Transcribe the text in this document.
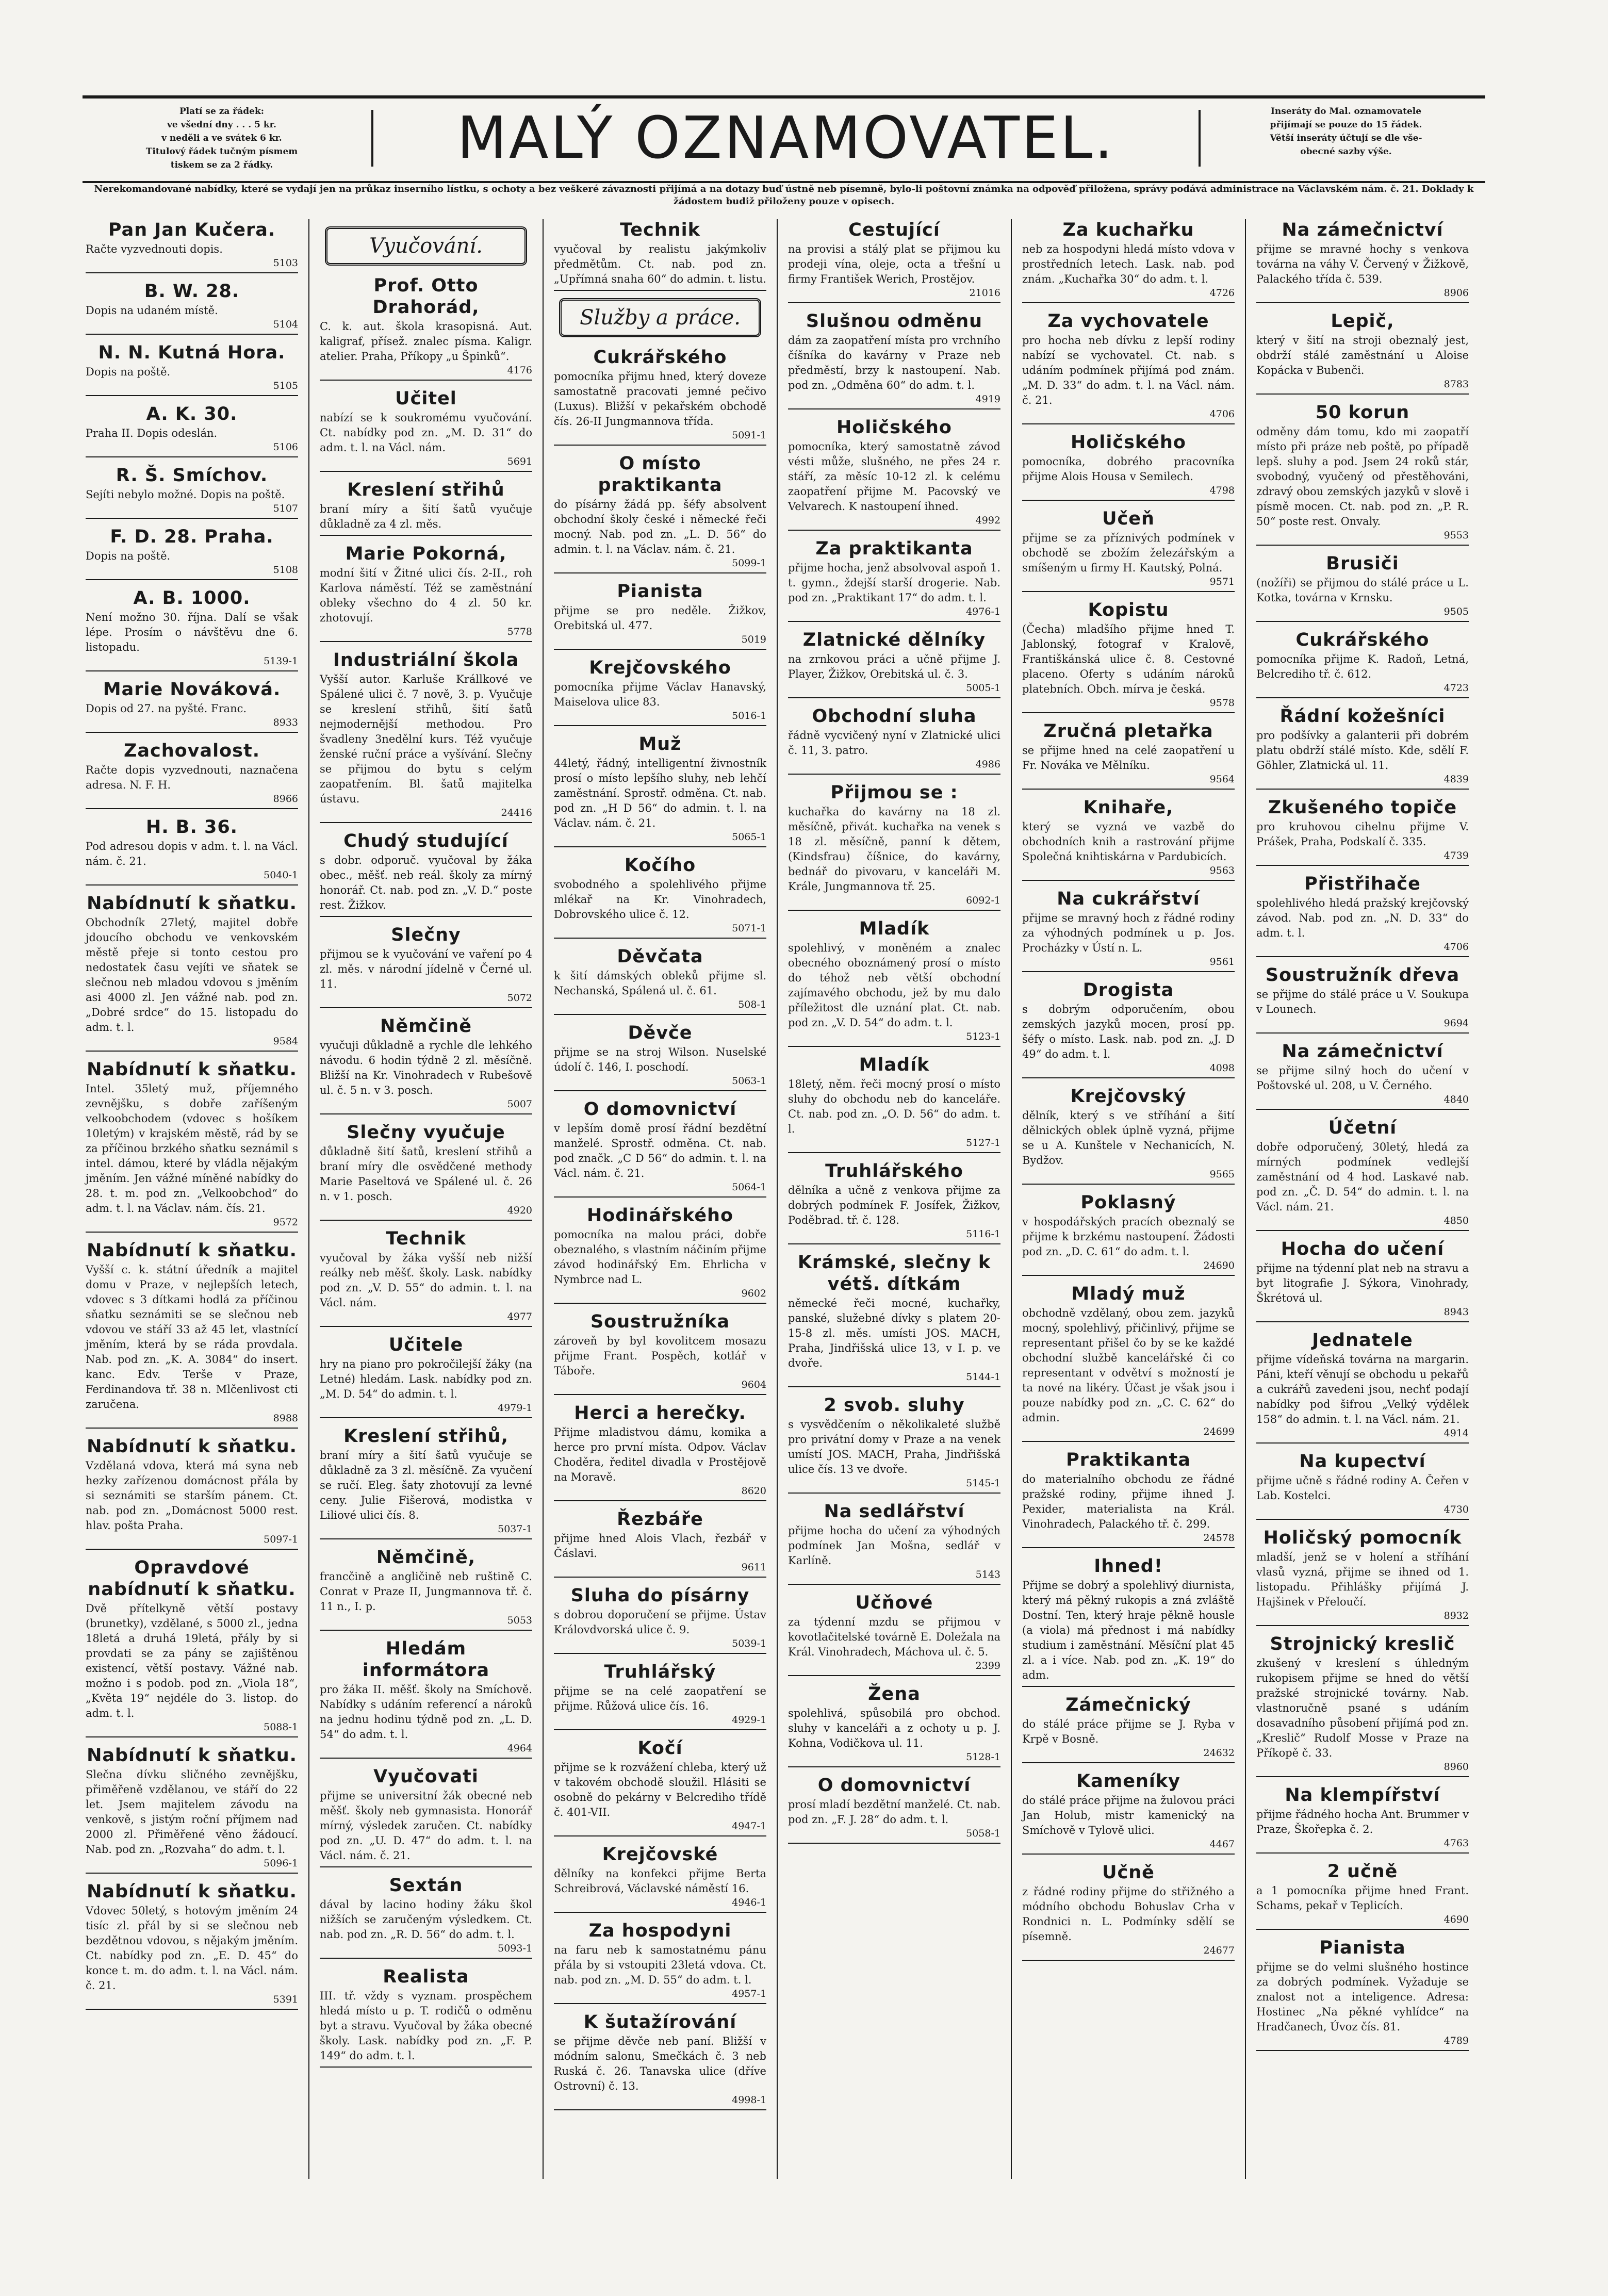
Platí se za řádek:
ve všední dny . . . 5 kr.
v neděli a ve svátek 6 kr.
Titulový řádek tučným písmem
tiskem se za 2 řádky.	MALÝ OZNAMOVATEL.	Inseráty do Mal. oznamovatele
přijímají se pouze do 15 řádek.
Větší inseráty účtují se dle vše-
obecné sazby výše.
Nerekomandované nabídky, které se vydají jen na průkaz inserního lístku, s ochoty a bez veškeré závaznosti přijímá a na dotazy buď ústně neb písemně, bylo-li poštovní známka na odpověď přiložena, správy podává administrace na Václavském nám. č. 21. Doklady k žádostem budiž přiloženy pouze v opisech.
Pan Jan Kučera.

Račte vyzvednouti dopis.

5103
B. W. 28.

Dopis na udaném místě.

5104
N. N. Kutná Hora.

Dopis na poště.

5105
A. K. 30.

Praha II. Dopis odeslán.

5106
R. Š. Smíchov.

Sejíti nebylo možné. Dopis na poště.

5107
F. D. 28. Praha.

Dopis na poště.

5108
A. B. 1000.

Není možno 30. října. Dalí se však lépe. Prosím o návštěvu dne 6. listopadu.

5139-1
Marie Nováková.

Dopis od 27. na pyšté. Franc.

8933
Zachovalost.

Račte dopis vyzvednouti, naznačena adresa. N. F. H.

8966
H. B. 36.

Pod adresou dopis v adm. t. l. na Václ. nám. č. 21.

5040-1
Nabídnutí k sňatku.

Obchodník 27letý, majitel dobře jdoucího obchodu ve venkovském městě přeje si tonto cestou pro nedostatek času vejíti ve sňatek se slečnou neb mladou vdovou s jměním asi 4000 zl. Jen vážné nab. pod zn. „Dobré srdce“ do 15. listopadu do adm. t. l.

9584
Nabídnutí k sňatku.

Intel. 35letý muž, příjemného zevnějšku, s dobře zaříšeným velkoobchodem (vdovec s hošíkem 10letým) v krajském městě, rád by se za příčinou brzkého sňatku seznámil s intel. dámou, které by vládla nějakým jměním. Jen vážné míněné nabídky do 28. t. m. pod zn. „Velkoobchod“ do adm. t. l. na Václav. nám. čís. 21.

9572
Nabídnutí k sňatku.

Vyšší c. k. státní úředník a majitel domu v Praze, v nejlepších letech, vdovec s 3 dítkami hodlá za příčinou sňatku seznámiti se se slečnou neb vdovou ve stáří 33 až 45 let, vlastnící jměním, která by se ráda provdala. Nab. pod zn. „K. A. 3084“ do insert. kanc. Edv. Terše v Praze, Ferdinandova tř. 38 n. Mlčenlivost cti zaručena.

8988
Nabídnutí k sňatku.

Vzdělaná vdova, která má syna neb hezky zařízenou domácnost přála by si seznámiti se starším pánem. Ct. nab. pod zn. „Domácnost 5000 rest. hlav. pošta Praha.

5097-1
Opravdové nabídnutí k sňatku.

Dvě přítelkyně větší postavy (brunetky), vzdělané, s 5000 zl., jedna 18letá a druhá 19letá, přály by si provdati se za pány se zajištěnou existencí, větší postavy. Vážné nab. možno i s podob. pod zn. „Viola 18“, „Květa 19“ nejdéle do 3. listop. do adm. t. l.

5088-1
Nabídnutí k sňatku.

Slečna dívku sličného zevnějšku, přiměřeně vzdělanou, ve stáří do 22 let. Jsem majitelem závodu na venkově, s jistým roční příjmem nad 2000 zl. Přiměřené věno žádoucí. Nab. pod zn. „Rozvaha“ do adm. t. l.

5096-1
Nabídnutí k sňatku.

Vdovec 50letý, s hotovým jměním 24 tisíc zl. přál by si se slečnou neb bezdětnou vdovou, s nějakým jměním. Ct. nabídky pod zn. „E. D. 45“ do konce t. m. do adm. t. l. na Václ. nám. č. 21.

5391
Vyučování.
Prof. Otto Drahorád,

C. k. aut. škola krasopisná. Aut. kaligraf, přísež. znalec písma. Kaligr. atelier. Praha, Příkopy „u Špinků“.

4176
Učitel

nabízí se k soukromému vyučování. Ct. nabídky pod zn. „M. D. 31“ do adm. t. l. na Václ. nám.

5691
Kreslení střihů

braní míry a šití šatů vyučuje důkladně za 4 zl. měs.

Marie Pokorná,

modní šití v Žitné ulici čís. 2-II., roh Karlova náměstí. Též se zaměstnání obleky všechno do 4 zl. 50 kr. zhotovují.

5778
Industriální škola

Vyšší autor. Karluše Krállkové ve Spálené ulici č. 7 nově, 3. p. Vyučuje se kreslení střihů, šití šatů nejmodernější methodou. Pro švadleny 3nedělní kurs. Též vyučuje ženské ruční práce a vyšívání. Slečny se přijmou do bytu s celým zaopatřením. Bl. šatů majitelka ústavu.

24416
Chudý studující

s dobr. odporuč. vyučoval by žáka obec., měšť. neb reál. školy za mírný honorář. Ct. nab. pod zn. „V. D.“ poste rest. Žižkov.

Slečny

přijmou se k vyučování ve vaření po 4 zl. měs. v národní jídelně v Černé ul. 11.

5072
Němčině

vyučuji důkladně a rychle dle lehkého návodu. 6 hodin týdně 2 zl. měsíčně. Bližší na Kr. Vinohradech v Rubešově ul. č. 5 n. v 3. posch.

5007
Slečny vyučuje

důkladně šití šatů, kreslení střihů a braní míry dle osvědčené methody Marie Paseltová ve Spálené ul. č. 26 n. v 1. posch.

4920
Technik

vyučoval by žáka vyšší neb nižší reálky neb měšť. školy. Lask. nabídky pod zn. „V. D. 55“ do admin. t. l. na Václ. nám.

4977
Učitele

hry na piano pro pokročilejší žáky (na Letné) hledám. Lask. nabídky pod zn. „M. D. 54“ do admin. t. l.

4979-1
Kreslení střihů,

braní míry a šití šatů vyučuje se důkladně za 3 zl. měsíčně. Za vyučení se ručí. Eleg. šaty zhotovují za levné ceny. Julie Fišerová, modistka v Liliové ulici čís. 8.

5037-1
Němčině,

francčině a angličině neb ruštině C. Conrat v Praze II, Jungmannova tř. č. 11 n., I. p.

5053
Hledám informátora

pro žáka II. měšť. školy na Smíchově. Nabídky s udáním referencí a nároků na jednu hodinu týdně pod zn. „L. D. 54“ do adm. t. l.

4964
Vyučovati

přijme se universitní žák obecné neb měšť. školy neb gymnasista. Honorář mírný, výsledek zaručen. Ct. nabídky pod zn. „U. D. 47“ do adm. t. l. na Václ. nám. č. 21.

Sextán

dával by lacino hodiny žáku škol nižších se zaručeným výsledkem. Ct. nab. pod zn. „R. D. 56“ do adm. t. l.

5093-1
Realista

III. tř. vždy s vyznam. prospěchem hledá místo u p. T. rodičů o odměnu byt a stravu. Vyučoval by žáka obecné školy. Lask. nabídky pod zn. „F. P. 149“ do adm. t. l.

Technik

vyučoval by realistu jakýmkoliv předmětům. Ct. nab. pod zn. „Upřímná snaha 60“ do admin. t. listu.

Služby a práce.
Cukrářského

pomocníka přijmu hned, který doveze samostatně pracovati jemné pečivo (Luxus). Bližší v pekařském obchodě čís. 26-II Jungmannova třída.

5091-1
O místo praktikanta

do písárny žádá pp. šéfy absolvent obchodní školy české i německé řeči mocný. Nab. pod zn. „L. D. 56“ do admin. t. l. na Václav. nám. č. 21.

5099-1
Pianista

přijme se pro neděle. Žižkov, Orebitská ul. 477.

5019
Krejčovského

pomocníka přijme Václav Hanavský, Maiselova ulice 83.

5016-1
Muž

44letý, řádný, intelligentní živnostník prosí o místo lepšího sluhy, neb lehčí zaměstnání. Sprostř. odměna. Ct. nab. pod zn. „H D 56“ do admin. t. l. na Václav. nám. č. 21.

5065-1
Kočího

svobodného a spolehlivého přijme mlékař na Kr. Vinohradech, Dobrovského ulice č. 12.

5071-1
Děvčata

k šití dámských obleků přijme sl. Nechanská, Spálená ul. č. 61.

508-1
Děvče

přijme se na stroj Wilson. Nuselské údolí č. 146, I. poschodí.

5063-1
O domovnictví

v lepším domě prosí řádní bezdětní manželé. Sprostř. odměna. Ct. nab. pod značk. „C D 56“ do admin. t. l. na Václ. nám. č. 21.

5064-1
Hodinářského

pomocníka na malou práci, dobře obeznalého, s vlastním náčiním přijme závod hodinářský Em. Ehrlicha v Nymbrce nad L.

9602
Soustružníka

zároveň by byl kovolitcem mosazu přijme Frant. Pospěch, kotlář v Táboře.

9604
Herci a herečky.

Přijme mladistvou dámu, komika a herce pro první místa. Odpov. Václav Choděra, ředitel divadla v Prostějově na Moravě.

8620
Řezbáře

přijme hned Alois Vlach, řezbář v Čáslavi.

9611
Sluha do písárny

s dobrou doporučení se přijme. Ústav Královdvorská ulice č. 9.

5039-1
Truhlářský

přijme se na celé zaopatření se přijme. Růžová ulice čís. 16.

4929-1
Kočí

přijme se k rozvážení chleba, který už v takovém obchodě sloužil. Hlásiti se osobně do pekárny v Belcrediho třídě č. 401-VII.

4947-1
Krejčovské

dělníky na konfekci přijme Berta Schreibrová, Václavské náměstí 16.

4946-1
Za hospodyni

na faru neb k samostatnému pánu přála by si vstoupiti 23letá vdova. Ct. nab. pod zn. „M. D. 55“ do adm. t. l.

4957-1
K šutažírování

se přijme děvče neb paní. Bližší v módním salonu, Smečkách č. 3 neb Ruská č. 26. Tanavska ulice (dříve Ostrovní) č. 13.

4998-1
Cestující

na provisi a stálý plat se přijmou ku prodeji vína, oleje, octa a třešní u firmy František Werich, Prostějov.

21016
Slušnou odměnu

dám za zaopatření místa pro vrchního číšníka do kavárny v Praze neb předměstí, brzy k nastoupení. Nab. pod zn. „Odměna 60“ do adm. t. l.

4919
Holičského

pomocníka, který samostatně závod vésti může, slušného, ne přes 24 r. stáří, za měsíc 10-12 zl. k celému zaopatření přijme M. Pacovský ve Velvarech. K nastoupení ihned.

4992
Za praktikanta

přijme hocha, jenž absolvoval aspoň 1. t. gymn., ždejší starší drogerie. Nab. pod zn. „Praktikant 17“ do adm. t. l.

4976-1
Zlatnické dělníky

na zrnkovou práci a učně přijme J. Player, Žižkov, Orebitská ul. č. 3.

5005-1
Obchodní sluha

řádně vycvičený nyní v Zlatnické ulici č. 11, 3. patro.

4986
Přijmou se :

kuchařka do kavárny na 18 zl. měsíčně, přivát. kuchařka na venek s 18 zl. měsíčně, panní k dětem, (Kindsfrau) číšnice, do kavárny, bednář do pivovaru, v kanceláři M. Krále, Jungmannova tř. 25.

6092-1
Mladík

spolehlivý, v moněném a znalec obecného oboznámený prosí o místo do téhož neb větší obchodní zajímavého obchodu, jež by mu dalo příležitost dle uznání plat. Ct. nab. pod zn. „V. D. 54“ do adm. t. l.

5123-1
Mladík

18letý, něm. řeči mocný prosí o místo sluhy do obchodu neb do kanceláře. Ct. nab. pod zn. „O. D. 56“ do adm. t. l.

5127-1
Truhlářského

dělníka a učně z venkova přijme za dobrých podmínek F. Josífek, Žižkov, Poděbrad. tř. č. 128.

5116-1
Krámské, slečny k vétš. dítkám

německé řeči mocné, kuchařky, panské, služebné dívky s platem 20-15-8 zl. měs. umísti JOS. MACH, Praha, Jindřišská ulice 13, v I. p. ve dvoře.

5144-1
2 svob. sluhy

s vysvědčením o několikaleté službě pro privátní domy v Praze a na venek umístí JOS. MACH, Praha, Jindřišská ulice čís. 13 ve dvoře.

5145-1
Na sedlářství

přijme hocha do učení za výhodných podmínek Jan Mošna, sedlář v Karlíně.

5143
Učňové

za týdenní mzdu se přijmou v kovotlačitelské továrně E. Doležala na Král. Vinohradech, Máchova ul. č. 5.

2399
Žena

spolehlivá, spůsobilá pro obchod. sluhy v kanceláři a z ochoty u p. J. Kohna, Vodičkova ul. 11.

5128-1
O domovnictví

prosí mladí bezdětní manželé. Ct. nab. pod zn. „F. J. 28“ do adm. t. l.

5058-1
Za kuchařku

neb za hospodyni hledá místo vdova v prostředních letech. Lask. nab. pod znám. „Kuchařka 30“ do adm. t. l.

4726
Za vychovatele

pro hocha neb dívku z lepší rodiny nabízí se vychovatel. Ct. nab. s udáním podmínek přijímá pod znám. „M. D. 33“ do adm. t. l. na Václ. nám. č. 21.

4706
Holičského

pomocníka, dobrého pracovníka přijme Alois Housa v Semilech.

4798
Učeň

přijme se za příznivých podmínek v obchodě se zbožím železářským a smíšeným u firmy H. Kautský, Polná.

9571
Kopistu

(Čecha) mladšího přijme hned T. Jablonský, fotograf v Kralově, Františkánská ulice č. 8. Cestovné placeno. Oferty s udáním nároků platebních. Obch. mírva je česká.

9578
Zručná pletařka

se přijme hned na celé zaopatření u Fr. Nováka ve Mělníku.

9564
Knihaře,

který se vyzná ve vazbě do obchodních knih a rastrování přijme Společná knihtiskárna v Pardubicích.

9563
Na cukrářství

přijme se mravný hoch z řádné rodiny za výhodných podmínek u p. Jos. Procházky v Ústí n. L.

9561
Drogista

s dobrým odporučením, obou zemských jazyků mocen, prosí pp. šéfy o místo. Lask. nab. pod zn. „J. D 49“ do adm. t. l.

4098
Krejčovský

dělník, který s ve stříhání a šití dělnických oblek úplně vyzná, přijme se u A. Kunštele v Nechanicích, N. Bydžov.

9565
Poklasný

v hospodářských pracích obeznalý se přijme k brzkému nastoupení. Žádosti pod zn. „D. C. 61“ do adm. t. l.

24690
Mladý muž

obchodně vzdělaný, obou zem. jazyků mocný, spolehlivý, přičinlivý, přijme se representant přišel čo by se ke každé obchodní službě kancelářské či co representant v odvětví s možností je ta nové na likéry. Účast je však jsou i pouze nabídky pod zn. „C. C. 62“ do admin.

24699
Praktikanta

do materialního obchodu ze řádné pražské rodiny, přijme ihned J. Pexider, materialista na Král. Vinohradech, Palackého tř. č. 299.

24578
Ihned!

Přijme se dobrý a spolehlivý diurnista, který má pěkný rukopis a zná zvláště Dostní. Ten, který hraje pěkně housle (a viola) má přednost i má nabídky studium i zaměstnání. Měsíční plat 45 zl. a i více. Nab. pod zn. „K. 19“ do adm.

Zámečnický

do stálé práce přijme se J. Ryba v Krpě v Bosně.

24632
Kameníky

do stálé práce přijme na žulovou práci Jan Holub, mistr kamenický na Smíchově v Tylově ulici.

4467
Učně

z řádné rodiny přijme do střižného a módního obchodu Bohuslav Crha v Rondnici n. L. Podmínky sdělí se písemně.

24677
Na zámečnictví

přijme se mravné hochy s venkova továrna na váhy V. Červený v Žižkově, Palackého třída č. 539.

8906
Lepič,

který v šití na stroji obeznalý jest, obdrží stálé zaměstnání u Aloise Kopácka v Bubenči.

8783
50 korun

odměny dám tomu, kdo mi zaopatří místo při práze neb poště, po případě lepš. sluhy a pod. Jsem 24 roků stár, svobodný, vyučený od přestěhováni, zdravý obou zemských jazyků v slově i písmě mocen. Ct. nab. pod zn. „P. R. 50“ poste rest. Onvaly.

9553
Brusiči

(nožíři) se přijmou do stálé práce u L. Kotka, továrna v Krnsku.

9505
Cukrářského

pomocníka přijme K. Radoň, Letná, Belcrediho tř. č. 612.

4723
Řádní kožešníci

pro podšívky a galanterii při dobrém platu obdrží stálé místo. Kde, sdělí F. Göhler, Zlatnická ul. 11.

4839
Zkušeného topiče

pro kruhovou cihelnu přijme V. Prášek, Praha, Podskalí č. 335.

4739
Přistřihače

spolehlivého hledá pražský krejčovský závod. Nab. pod zn. „N. D. 33“ do adm. t. l.

4706
Soustružník dřeva

se přijme do stálé práce u V. Soukupa v Lounech.

9694
Na zámečnictví

se přijme silný hoch do učení v Poštovské ul. 208, u V. Černého.

4840
Účetní

dobře odporučený, 30letý, hledá za mírných podmínek vedlejší zaměstnání od 4 hod. Laskavé nab. pod zn. „Č. D. 54“ do admin. t. l. na Václ. nám. 21.

4850
Hocha do učení

přijme na týdenní plat neb na stravu a byt litografie J. Sýkora, Vinohrady, Škrétová ul.

8943
Jednatele

přijme vídeňská továrna na margarin. Páni, kteří věnují se obchodu u pekařů a cukrářů zavedeni jsou, nechť podají nabídky pod šifrou „Velký výdělek 158“ do admin. t. l. na Václ. nám. 21.

4914
Na kupectví

přijme učně s řádné rodiny A. Čeřen v Lab. Kostelci.

4730
Holičský pomocník

mladší, jenž se v holení a stříhání vlasů vyzná, přijme se ihned od 1. listopadu. Přihlášky přijímá J. Hajšinek v Přeloučí.

8932
Strojnický kreslič

zkušený v kreslení s úhledným rukopisem přijme se hned do větší pražské strojnické továrny. Nab. vlastnoručně psané s udáním dosavadního působení přijímá pod zn. „Kreslič“ Rudolf Mosse v Praze na Příkopě č. 33.

8960
Na klempířství

přijme řádného hocha Ant. Brummer v Praze, Škořepka č. 2.

4763
2 učně

a 1 pomocníka přijme hned Frant. Schams, pekař v Teplicích.

4690
Pianista

přijme se do velmi slušného hostince za dobrých podmínek. Vyžaduje se znalost not a inteligence. Adresa: Hostinec „Na pěkné vyhlídce“ na Hradčanech, Úvoz čís. 81.

4789
